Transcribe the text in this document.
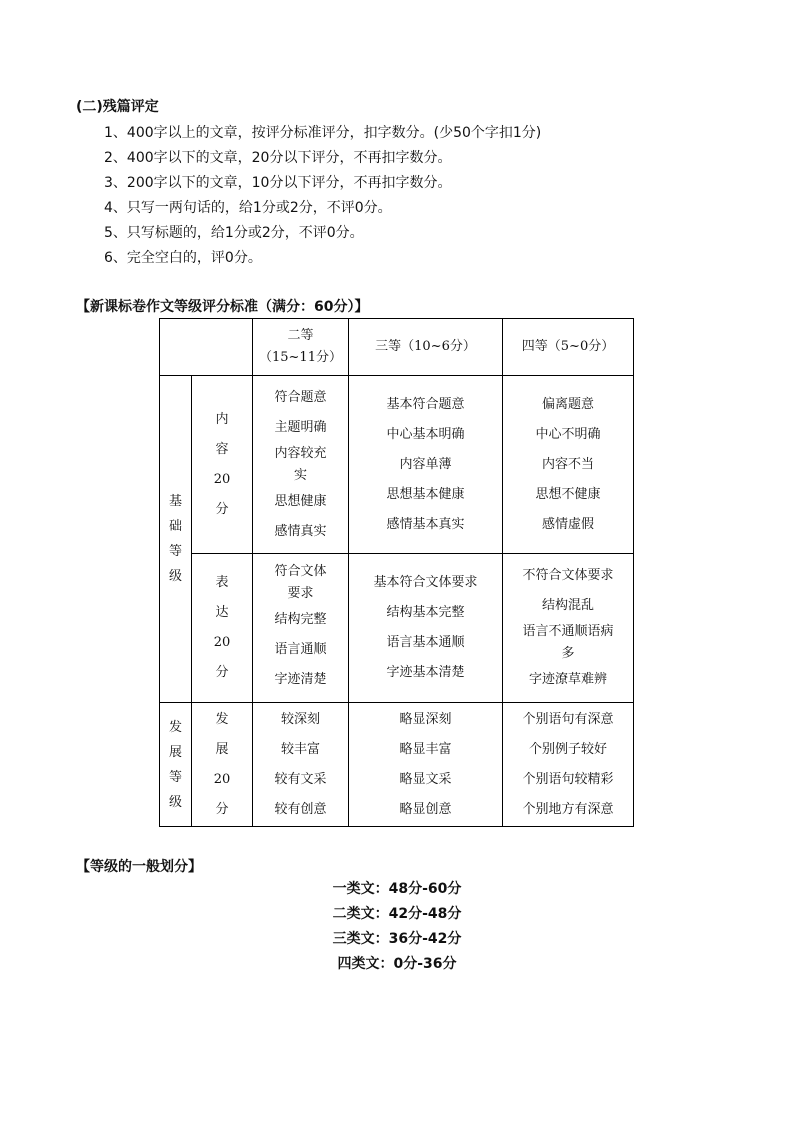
(二)残篇评定
1、400字以上的文章，按评分标准评分，扣字数分。(少50个字扣1分)
2、400字以下的文章，20分以下评分，不再扣字数分。
3、200字以下的文章，10分以下评分，不再扣字数分。
4、只写一两句话的，给1分或2分，不评0分。
5、只写标题的，给1分或2分，不评0分。
6、完全空白的，评0分。
【新课标卷作文等级评分标准（满分：60分）】

二等

（15~11分）

三等（10~6分）	四等（5~0分）

基

础

等

级

内

容

20

分

符合题意

主题明确

内容较充

实

思想健康

感情真实

基本符合题意

中心基本明确

内容单薄

思想基本健康

感情基本真实

偏离题意

中心不明确

内容不当

思想不健康

感情虚假

表

达

20

分

符合文体

要求

结构完整

语言通顺

字迹清楚

基本符合文体要求

结构基本完整

语言基本通顺

字迹基本清楚

不符合文体要求

结构混乱

语言不通顺语病

多

字迹潦草难辨

发

展

等

级

发

展

20

分

较深刻

较丰富

较有文采

较有创意

略显深刻

略显丰富

略显文采

略显创意

个别语句有深意

个别例子较好

个别语句较精彩

个别地方有深意

【等级的一般划分】
一类文：48分-60分
二类文：42分-48分
三类文：36分-42分
四类文：0分-36分
